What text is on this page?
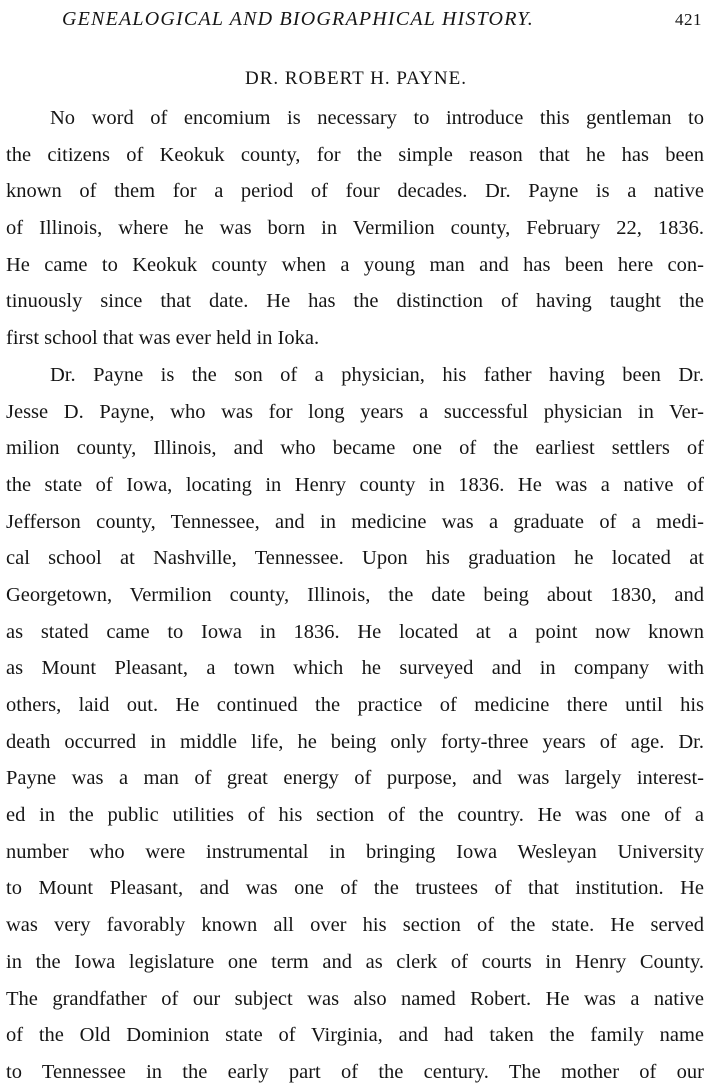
GENEALOGICAL AND BIOGRAPHICAL HISTORY.	421
DR. ROBERT H. PAYNE.
No word of encomium is necessary to introduce this gentleman to
the citizens of Keokuk county, for the simple reason that he has been
known of them for a period of four decades. Dr. Payne is a native
of Illinois, where he was born in Vermilion county, February 22, 1836.
He came to Keokuk county when a young man and has been here con-
tinuously since that date. He has the distinction of having taught the
first school that was ever held in Ioka.
Dr. Payne is the son of a physician, his father having been Dr.
Jesse D. Payne, who was for long years a successful physician in Ver-
milion county, Illinois, and who became one of the earliest settlers of
the state of Iowa, locating in Henry county in 1836. He was a native of
Jefferson county, Tennessee, and in medicine was a graduate of a medi-
cal school at Nashville, Tennessee. Upon his graduation he located at
Georgetown, Vermilion county, Illinois, the date being about 1830, and
as stated came to Iowa in 1836. He located at a point now known
as Mount Pleasant, a town which he surveyed and in company with
others, laid out. He continued the practice of medicine there until his
death occurred in middle life, he being only forty-three years of age. Dr.
Payne was a man of great energy of purpose, and was largely interest-
ed in the public utilities of his section of the country. He was one of a
number who were instrumental in bringing Iowa Wesleyan University
to Mount Pleasant, and was one of the trustees of that institution. He
was very favorably known all over his section of the state. He served
in the Iowa legislature one term and as clerk of courts in Henry County.
The grandfather of our subject was also named Robert. He was a native
of the Old Dominion state of Virginia, and had taken the family name
to Tennessee in the early part of the century. The mother of our
